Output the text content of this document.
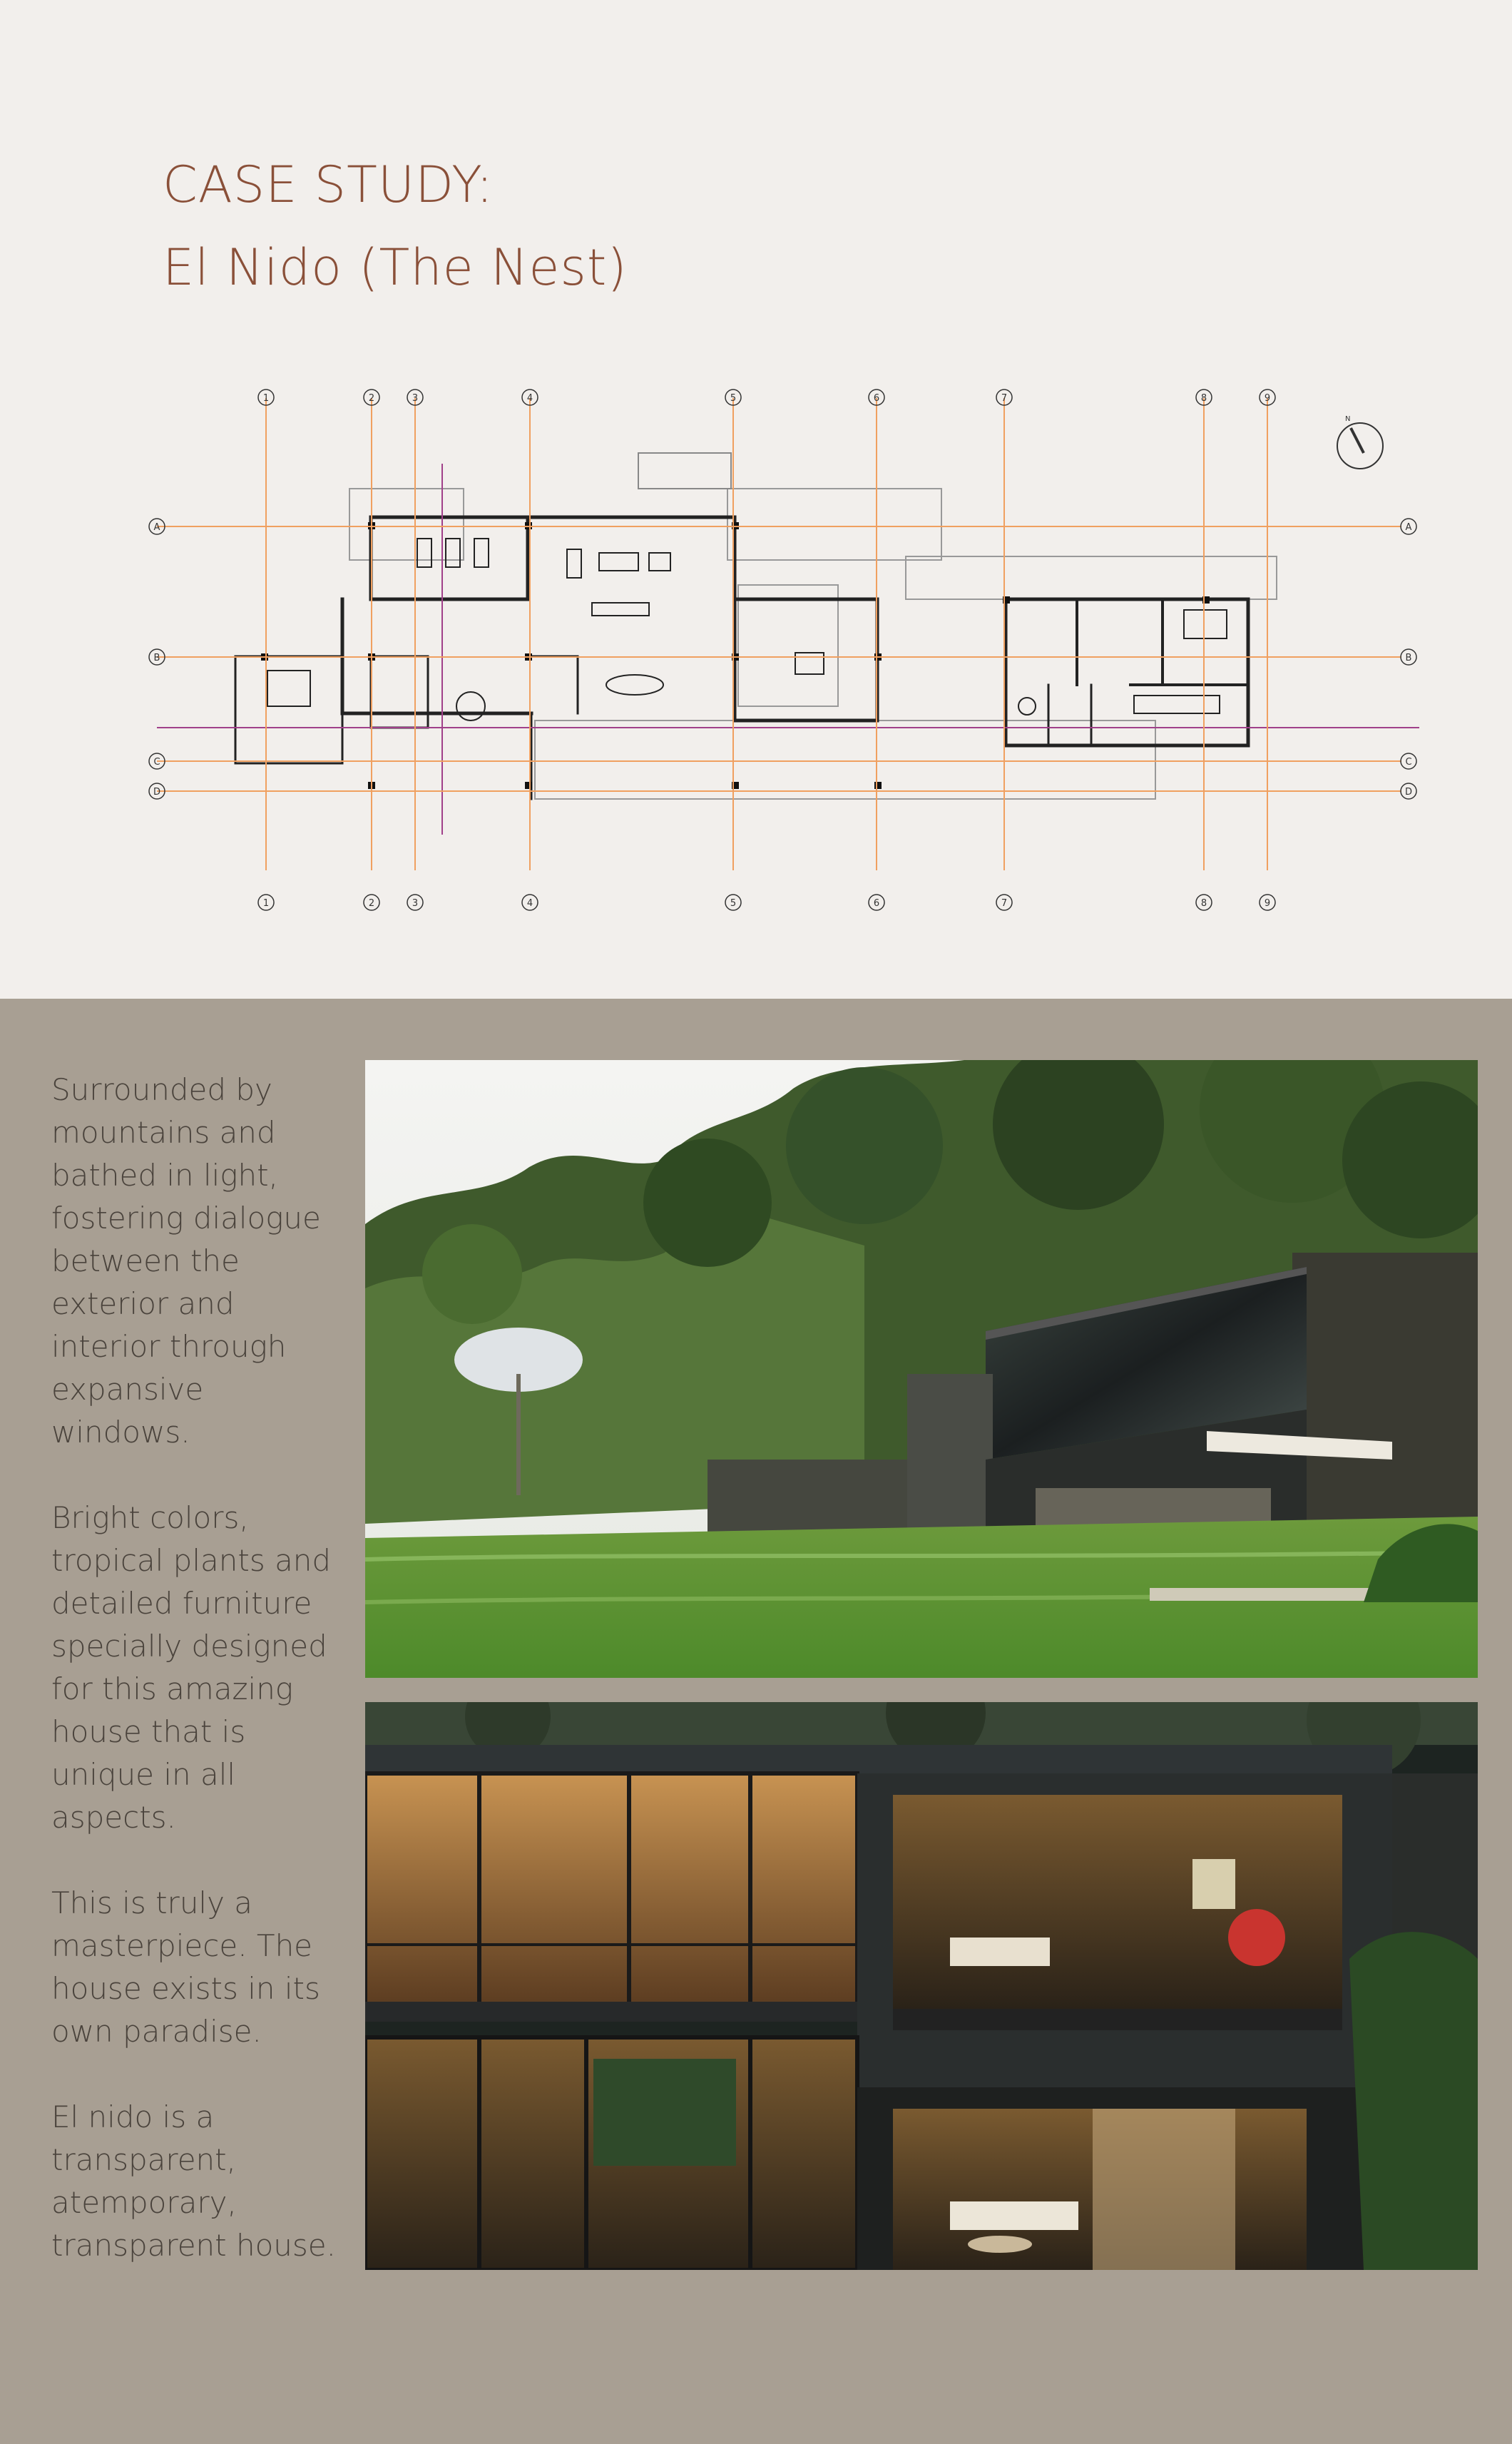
CASE STUDY:
El Nido (The Nest)
1
1
2
2
3
3
4
4
5
5
6
6
7
7
8
8
9
9
A	A
B	B
C	C
D	D
N

Surrounded by mountains and bathed in light, fostering dialogue between the exterior and interior through expansive windows.

Bright colors, tropical plants and detailed furniture specially designed for this amazing house that is unique in all aspects.

This is truly a masterpiece. The house exists in its own paradise.

El nido is a transparent, atemporary, transparent house.
